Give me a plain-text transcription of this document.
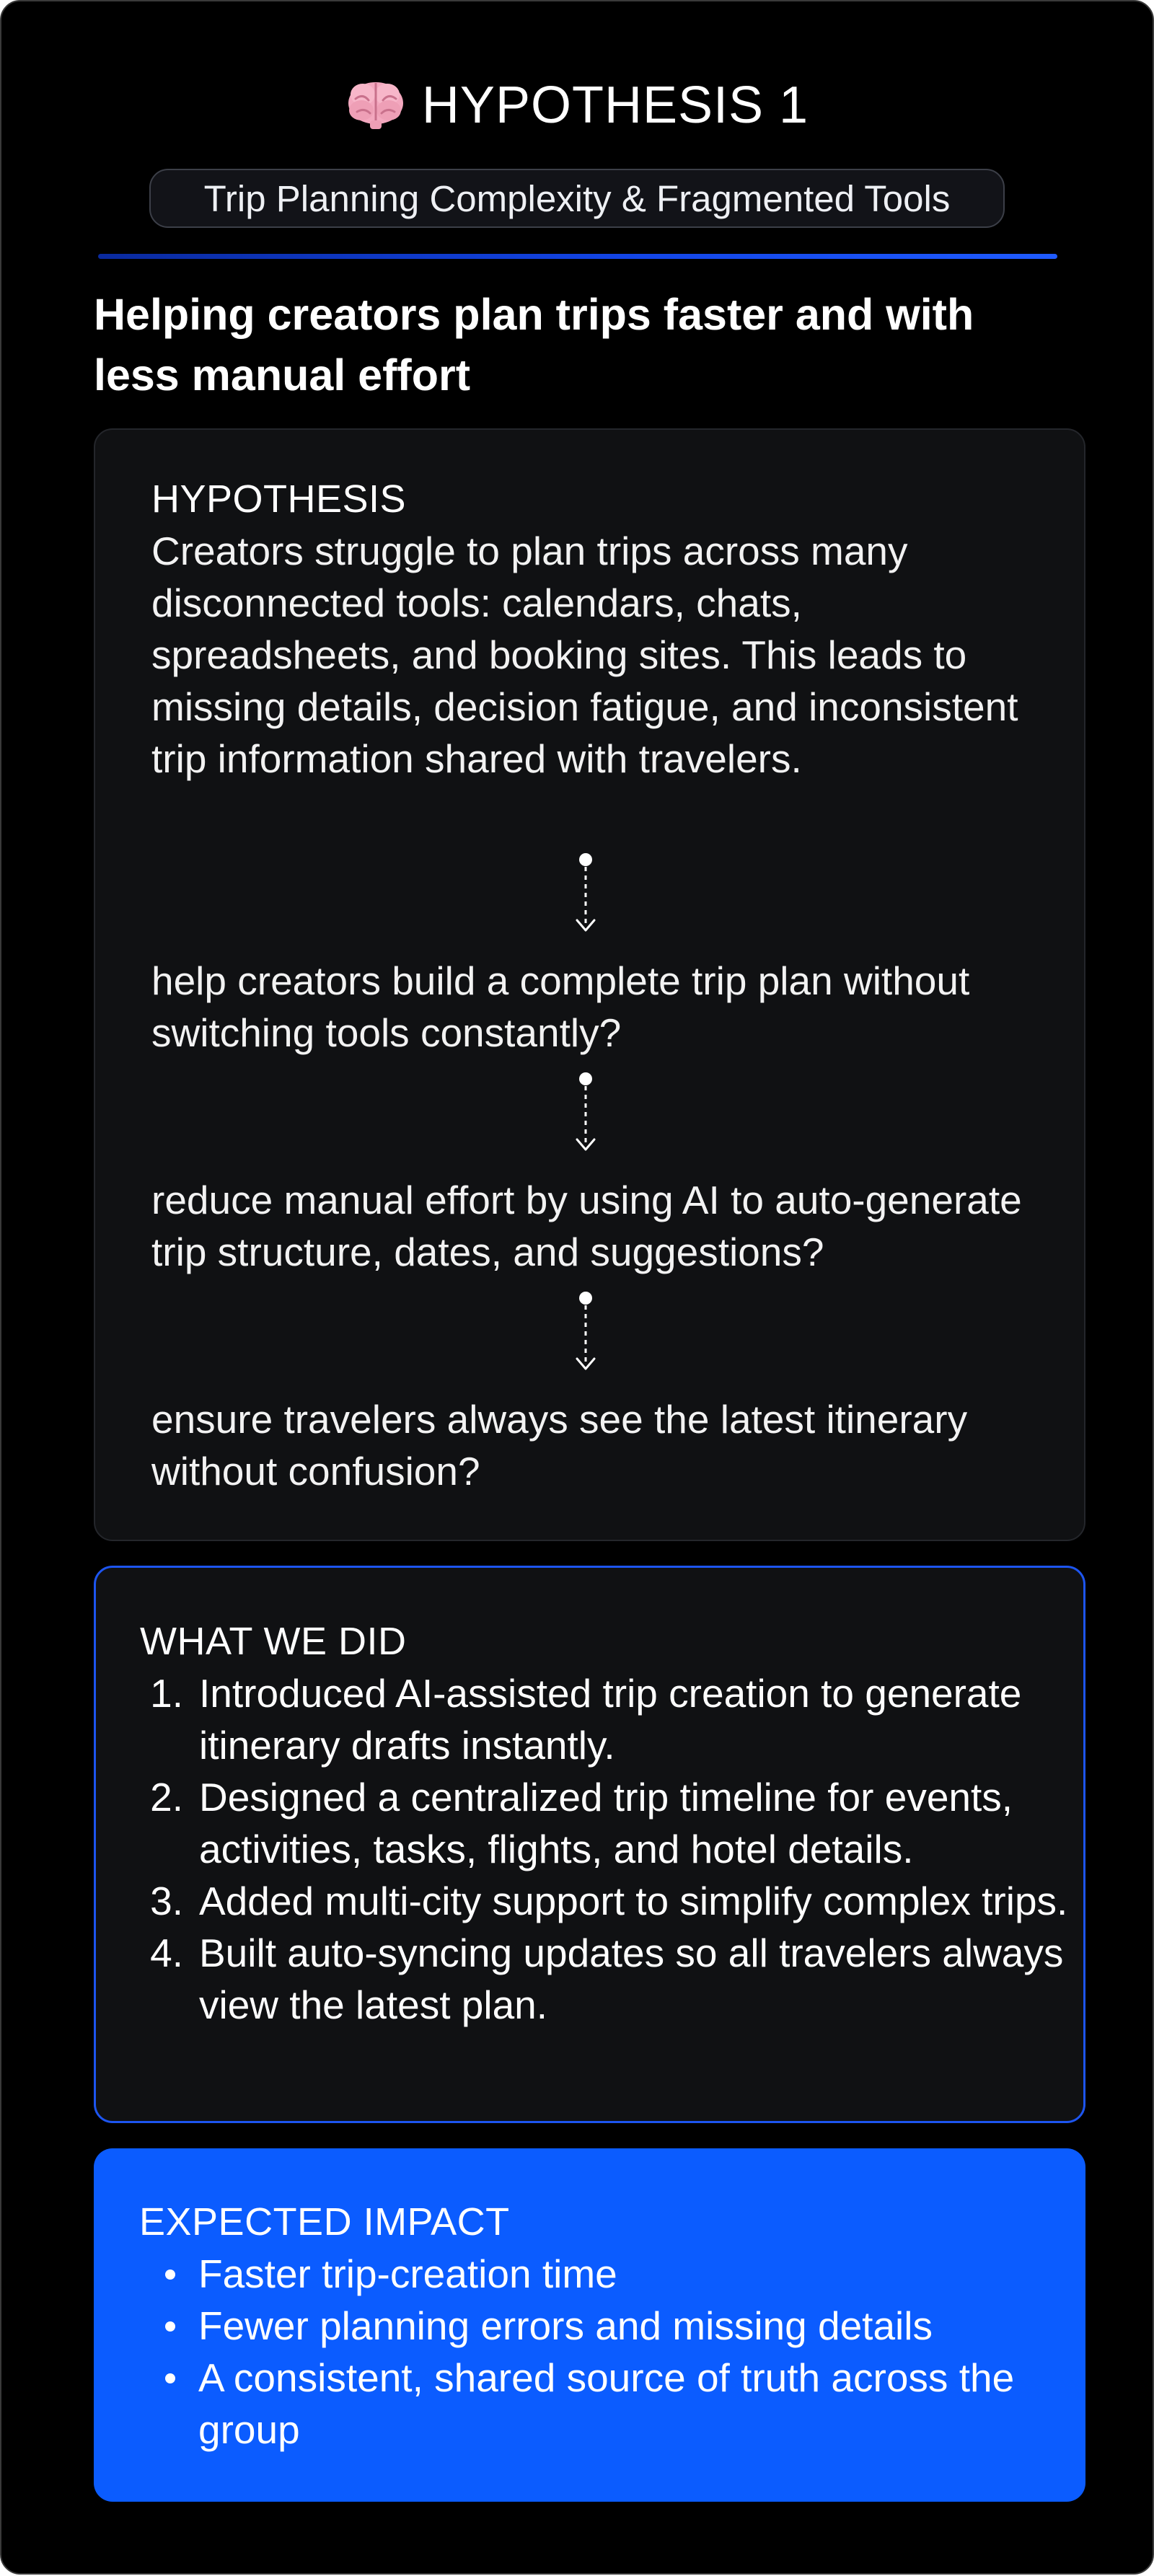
HYPOTHESIS 1
Trip Planning Complexity & Fragmented Tools
Helping creators plan trips faster and with less manual effort
HYPOTHESIS
Creators struggle to plan trips across many disconnected tools: calendars, chats, spreadsheets, and booking sites. This leads to missing details, decision fatigue, and inconsistent trip information shared with travelers.
help creators build a complete trip plan without switching tools constantly?
reduce manual effort by using AI to auto-generate trip structure, dates, and suggestions?
ensure travelers always see the latest itinerary without confusion?
WHAT WE DID
1. Introduced AI-assisted trip creation to generate itinerary drafts instantly.
2. Designed a centralized trip timeline for events, activities, tasks, flights, and hotel details.
3. Added multi-city support to simplify complex trips.
4. Built auto-syncing updates so all travelers always view the latest plan.
EXPECTED IMPACT
Faster trip-creation time
Fewer planning errors and missing details
A consistent, shared source of truth across the group
